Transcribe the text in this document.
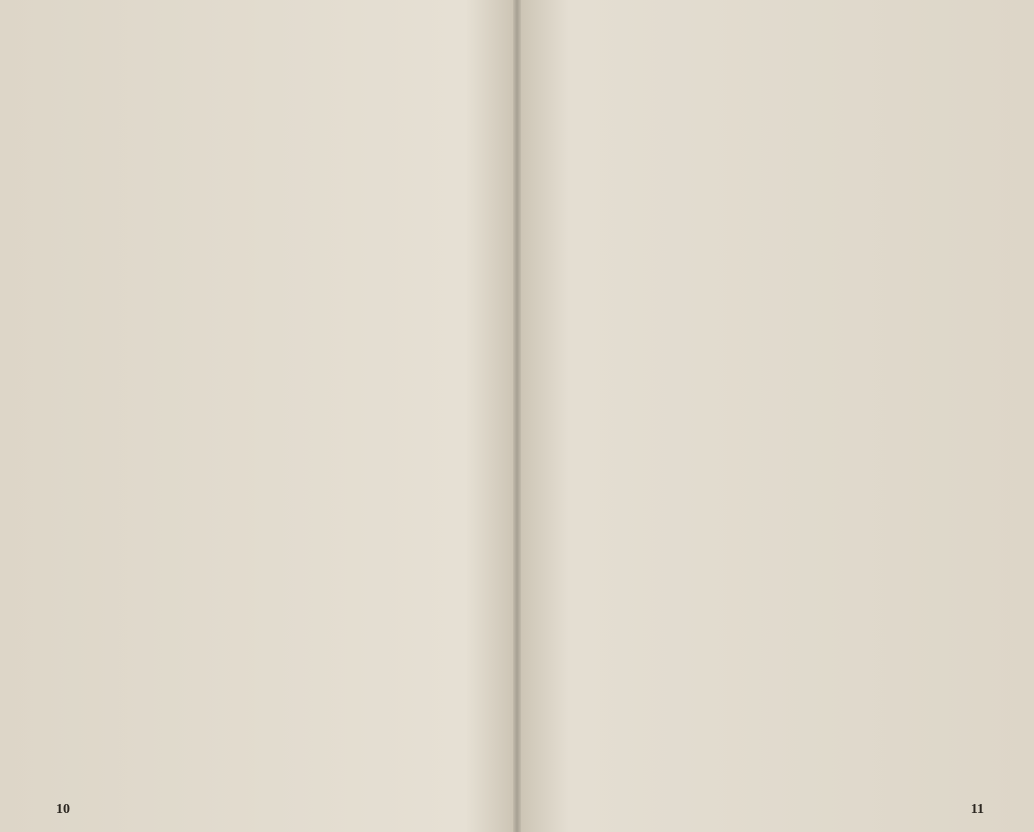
10	11
